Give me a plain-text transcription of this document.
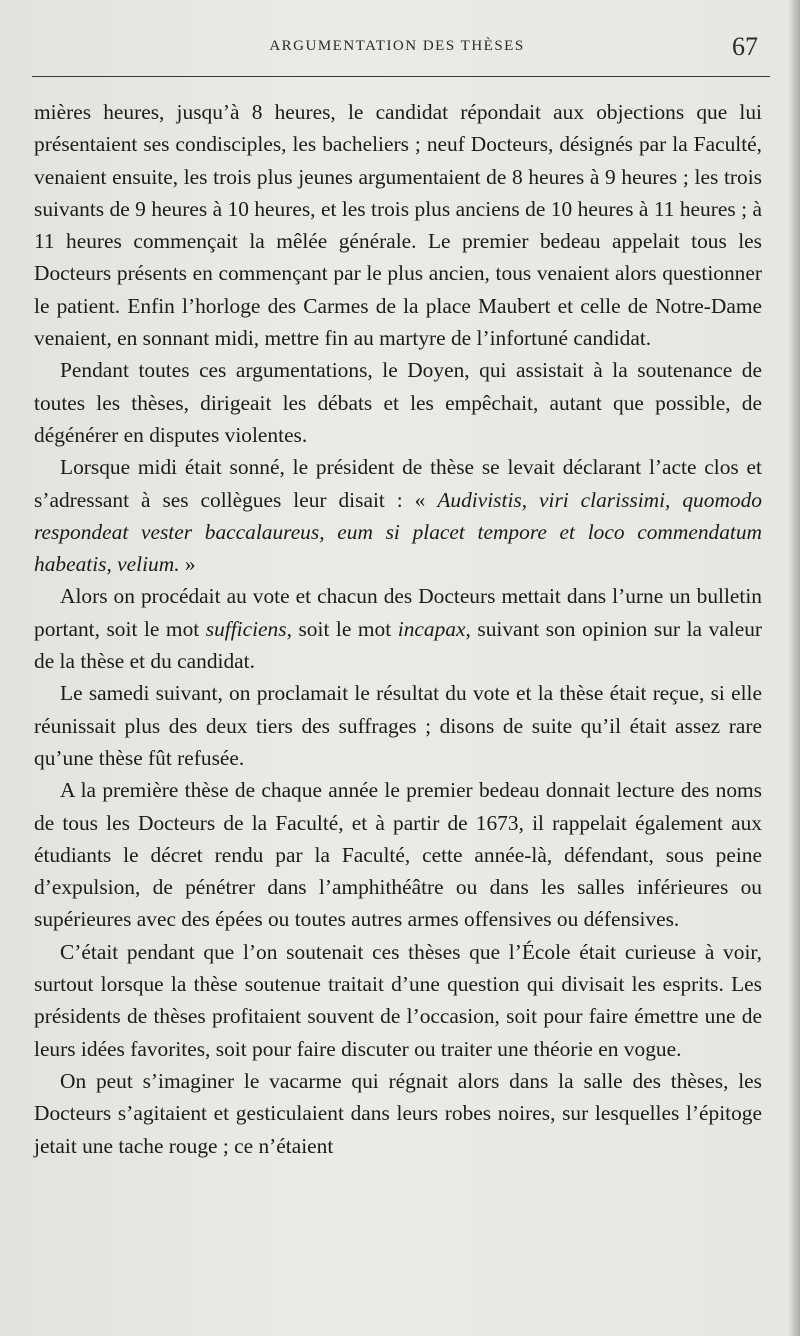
ARGUMENTATION DES THÈSES	67

mières heures, jusqu’à 8 heures, le candidat répondait aux objections que lui présentaient ses condisciples, les bacheliers ; neuf Docteurs, désignés par la Faculté, venaient ensuite, les trois plus jeunes argumentaient de 8 heures à 9 heures ; les trois suivants de 9 heures à 10 heures, et les trois plus anciens de 10 heures à 11 heures ; à 11 heures commençait la mêlée générale. Le premier bedeau appelait tous les Docteurs présents en commençant par le plus ancien, tous venaient alors questionner le patient. Enfin l’horloge des Carmes de la place Maubert et celle de Notre-Dame venaient, en sonnant midi, mettre fin au martyre de l’infortuné candidat.

Pendant toutes ces argumentations, le Doyen, qui assistait à la soutenance de toutes les thèses, dirigeait les débats et les empêchait, autant que possible, de dégénérer en disputes violentes.

Lorsque midi était sonné, le président de thèse se levait déclarant l’acte clos et s’adressant à ses collègues leur disait : « Audivistis, viri clarissimi, quomodo respondeat vester baccalaureus, eum si placet tempore et loco commendatum habeatis, velium. »

Alors on procédait au vote et chacun des Docteurs mettait dans l’urne un bulletin portant, soit le mot sufficiens, soit le mot incapax, suivant son opinion sur la valeur de la thèse et du candidat.

Le samedi suivant, on proclamait le résultat du vote et la thèse était reçue, si elle réunissait plus des deux tiers des suffrages ; disons de suite qu’il était assez rare qu’une thèse fût refusée.

A la première thèse de chaque année le premier bedeau donnait lecture des noms de tous les Docteurs de la Faculté, et à partir de 1673, il rappelait également aux étudiants le décret rendu par la Faculté, cette année-là, défendant, sous peine d’expulsion, de pénétrer dans l’amphithéâtre ou dans les salles inférieures ou supérieures avec des épées ou toutes autres armes offensives ou défensives.

C’était pendant que l’on soutenait ces thèses que l’École était curieuse à voir, surtout lorsque la thèse soutenue traitait d’une question qui divisait les esprits. Les présidents de thèses profitaient souvent de l’occasion, soit pour faire émettre une de leurs idées favorites, soit pour faire discuter ou traiter une théorie en vogue.

On peut s’imaginer le vacarme qui régnait alors dans la salle des thèses, les Docteurs s’agitaient et gesticulaient dans leurs robes noires, sur lesquelles l’épitoge jetait une tache rouge ; ce n’étaient
